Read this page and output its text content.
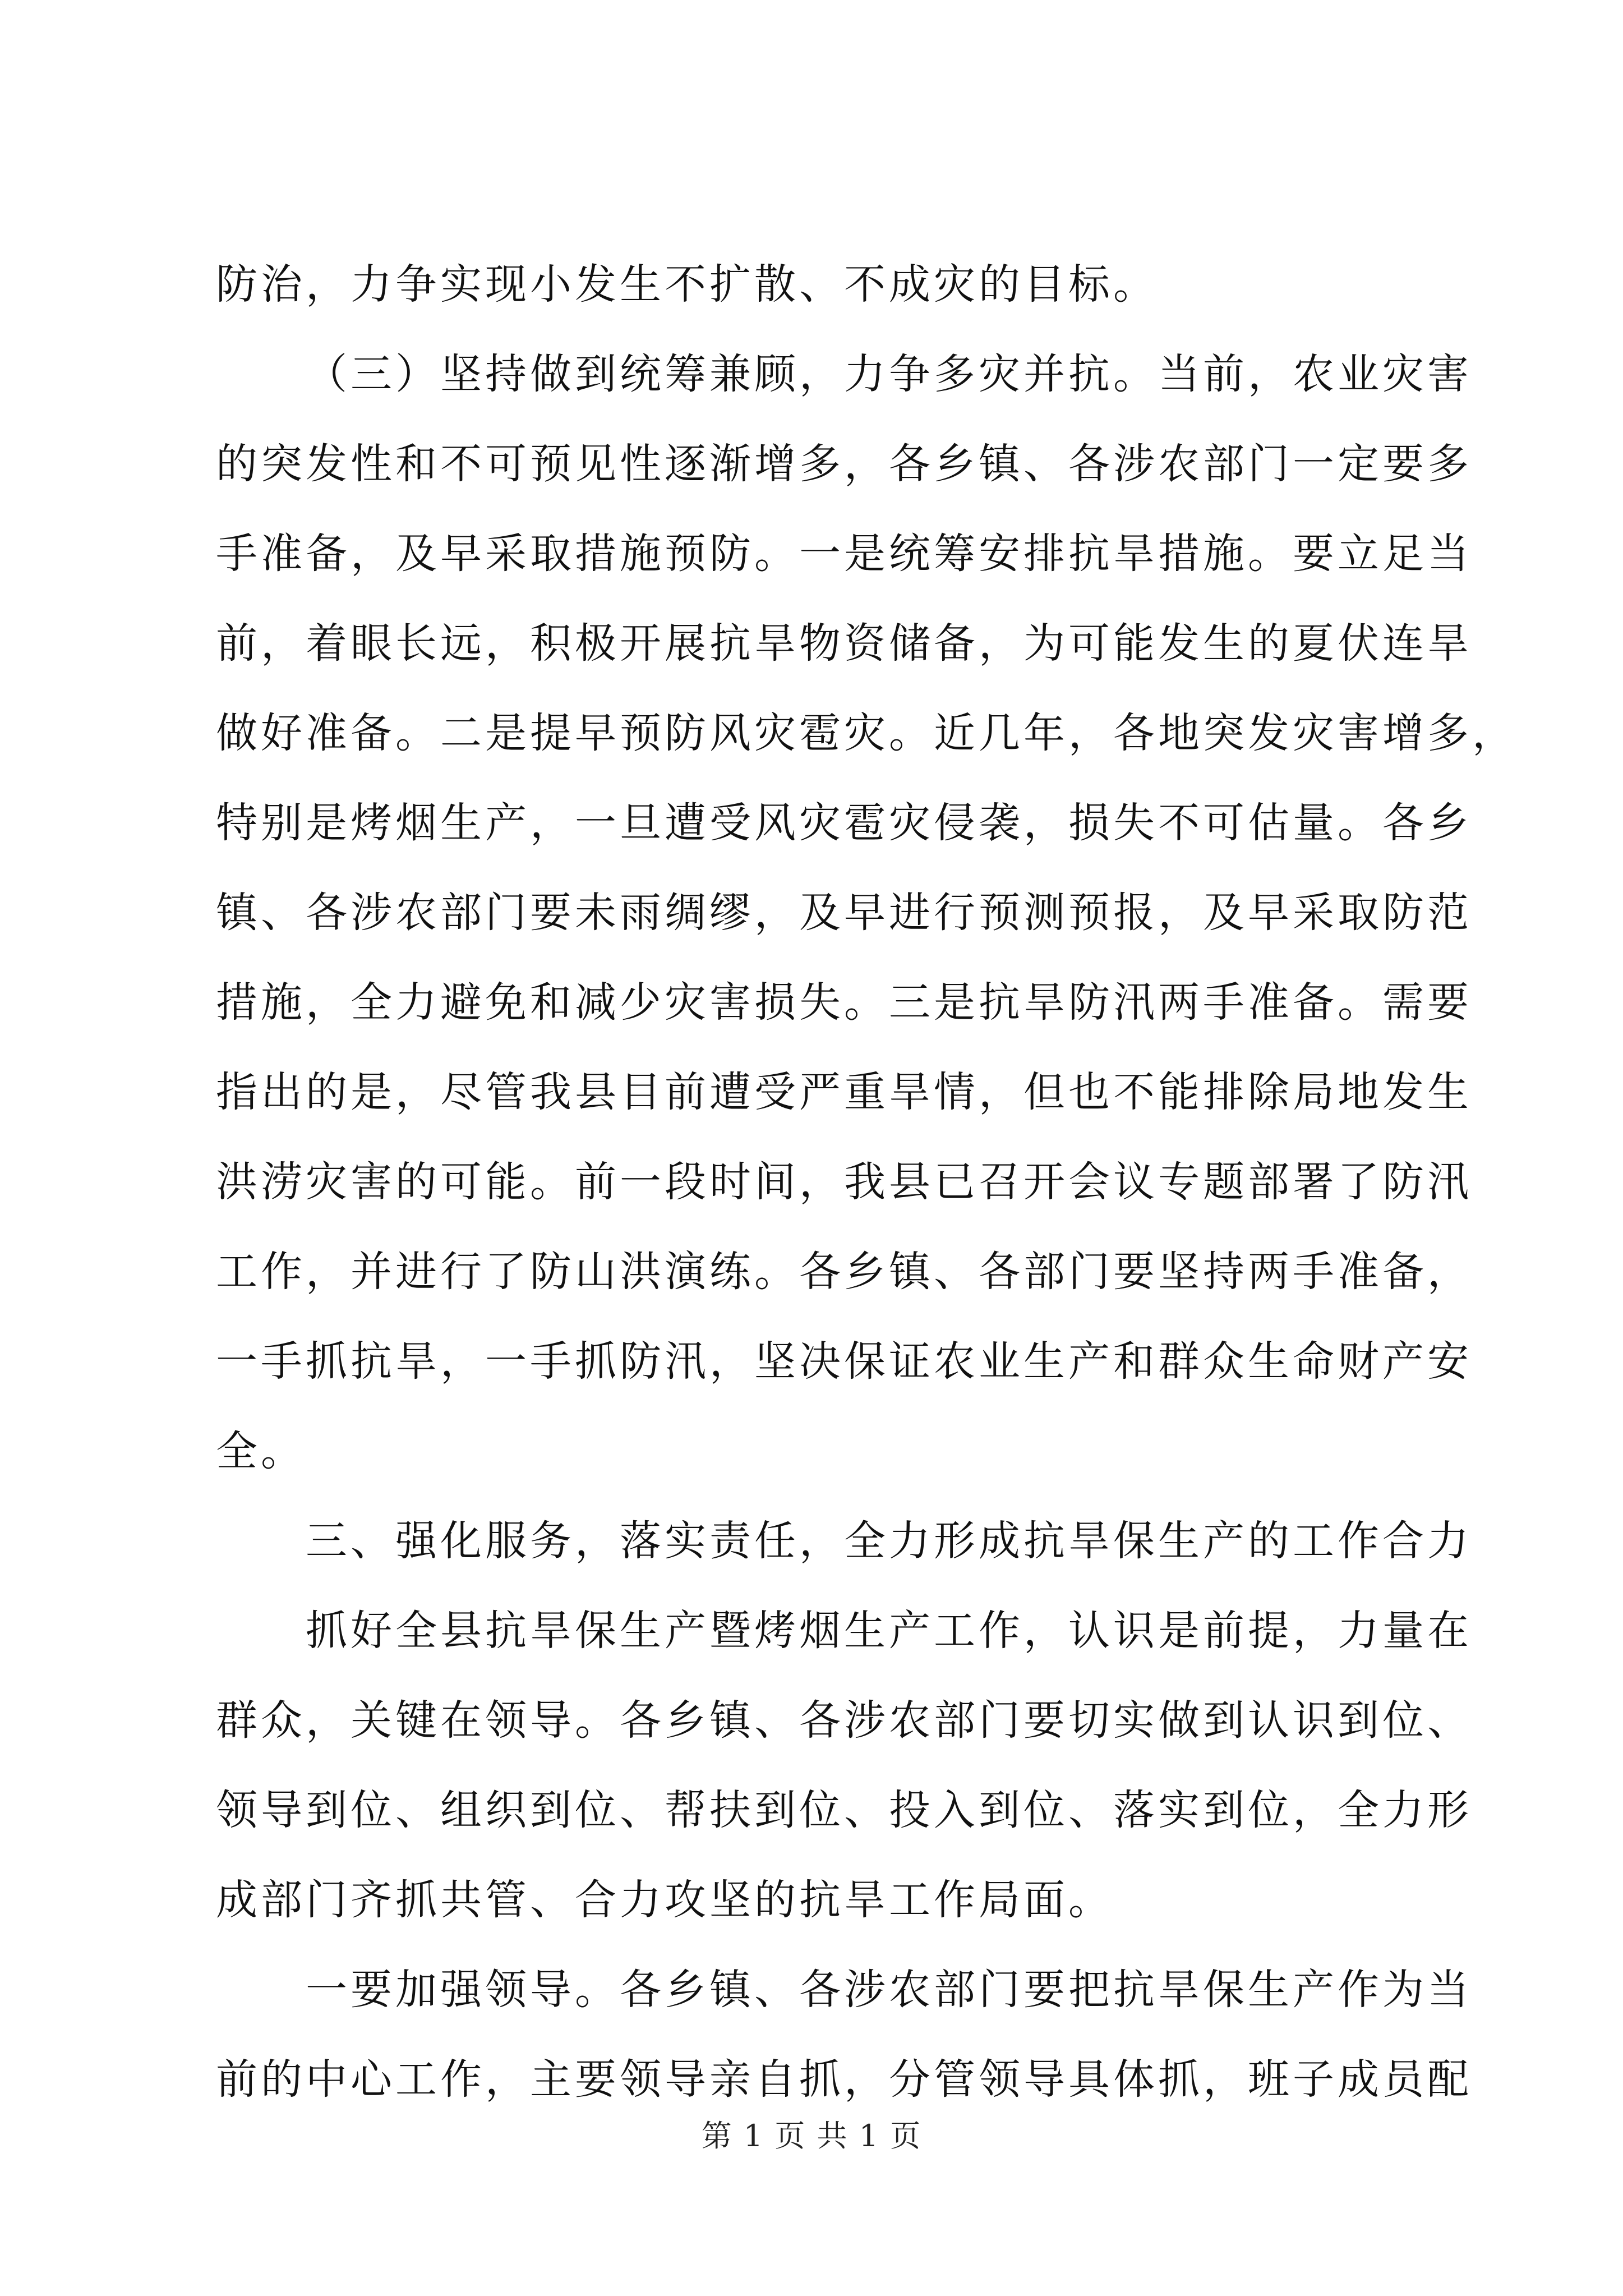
防治，力争实现小发生不扩散、不成灾的目标。
（三）坚持做到统筹兼顾，力争多灾并抗。当前，农业灾害
的突发性和不可预见性逐渐增多，各乡镇、各涉农部门一定要多
手准备，及早采取措施预防。一是统筹安排抗旱措施。要立足当
前，着眼长远，积极开展抗旱物资储备，为可能发生的夏伏连旱
做好准备。二是提早预防风灾雹灾。近几年，各地突发灾害增多，
特别是烤烟生产，一旦遭受风灾雹灾侵袭，损失不可估量。各乡
镇、各涉农部门要未雨绸缪，及早进行预测预报，及早采取防范
措施，全力避免和减少灾害损失。三是抗旱防汛两手准备。需要
指出的是，尽管我县目前遭受严重旱情，但也不能排除局地发生
洪涝灾害的可能。前一段时间，我县已召开会议专题部署了防汛
工作，并进行了防山洪演练。各乡镇、各部门要坚持两手准备，
一手抓抗旱，一手抓防汛，坚决保证农业生产和群众生命财产安
全。
三、强化服务，落实责任，全力形成抗旱保生产的工作合力
抓好全县抗旱保生产暨烤烟生产工作，认识是前提，力量在
群众，关键在领导。各乡镇、各涉农部门要切实做到认识到位、
领导到位、组织到位、帮扶到位、投入到位、落实到位，全力形
成部门齐抓共管、合力攻坚的抗旱工作局面。
一要加强领导。各乡镇、各涉农部门要把抗旱保生产作为当
前的中心工作，主要领导亲自抓，分管领导具体抓，班子成员配
第 1 页 共 1 页
